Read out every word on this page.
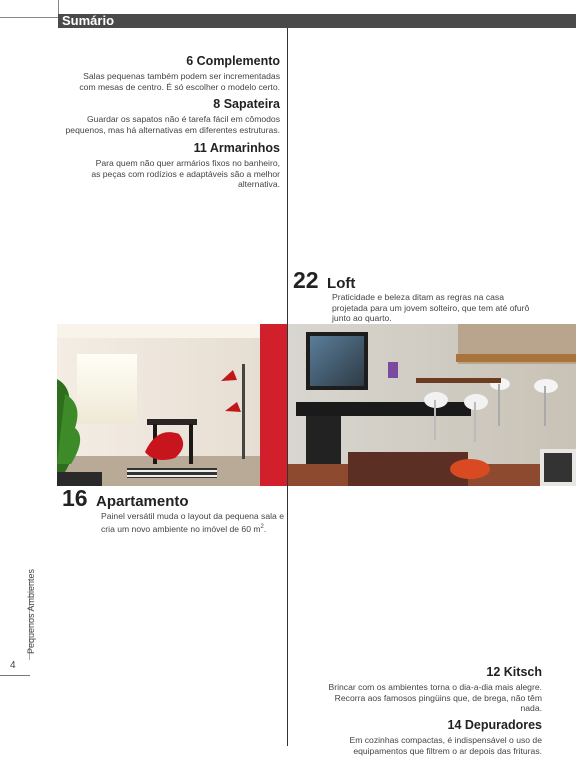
Sumário
6 Complemento
Salas pequenas também podem ser incrementadas
com mesas de centro. É só escolher o modelo certo.
8 Sapateira
Guardar os sapatos não é tarefa fácil em cômodos
pequenos, mas há alternativas em diferentes estruturas.
11 Armarinhos
Para quem não quer armários fixos no banheiro,
as peças com rodízios e adaptáveis são a melhor
alternativa.
22 Loft
Praticidade e beleza ditam as regras na casa
projetada para um jovem solteiro, que tem até ofurô
junto ao quarto.
16 Apartamento
Painel versátil muda o layout da pequena sala e
cria um novo ambiente no imóvel de 60 $m^2$.
Pequenos Ambientes
4	12 Kitsch
Brincar com os ambientes torna o dia-a-dia mais alegre.
Recorra aos famosos pingüins que, de brega, não têm
nada.
14 Depuradores
Em cozinhas compactas, é indispensável o uso de
equipamentos que filtrem o ar depois das frituras.
